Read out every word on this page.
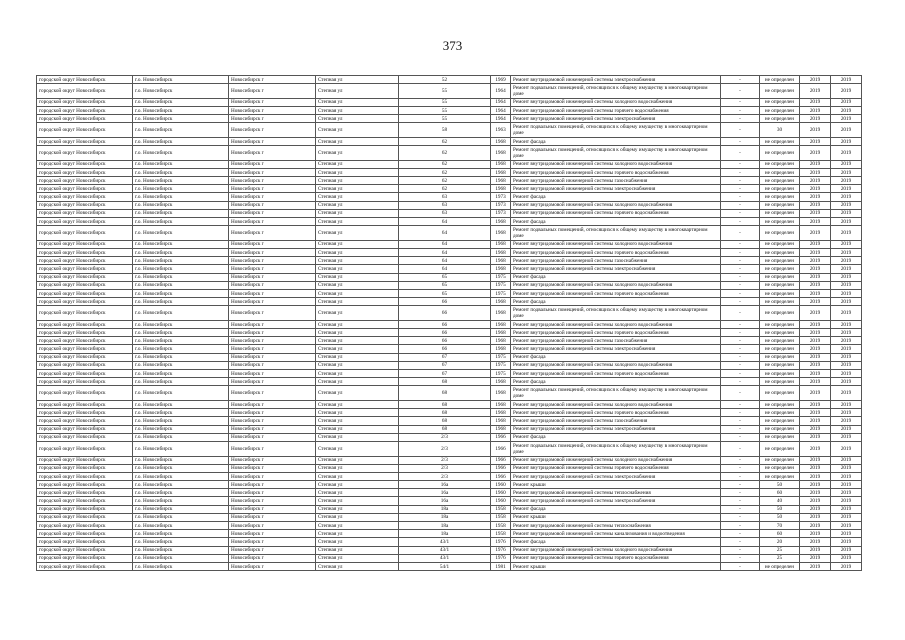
373
городской округ Новосибирск	г.о. Новосибирск	Новосибирск г	Степная ул	52	1969	Ремонт внутридомовой инженерной системы электроснабжения	-	не определен	2019	2019
городской округ Новосибирск	г.о. Новосибирск	Новосибирск г	Степная ул	55	1964	Ремонт подвальных помещений, относящихся к общему имуществу в многоквартирном доме	-	не определен	2019	2019
городской округ Новосибирск	г.о. Новосибирск	Новосибирск г	Степная ул	55	1964	Ремонт внутридомовой инженерной системы холодного водоснабжения	-	не определен	2019	2019
городской округ Новосибирск	г.о. Новосибирск	Новосибирск г	Степная ул	55	1964	Ремонт внутридомовой инженерной системы горячего водоснабжения	-	не определен	2019	2019
городской округ Новосибирск	г.о. Новосибирск	Новосибирск г	Степная ул	55	1964	Ремонт внутридомовой инженерной системы электроснабжения	-	не определен	2019	2019
городской округ Новосибирск	г.о. Новосибирск	Новосибирск г	Степная ул	58	1963	Ремонт подвальных помещений, относящихся к общему имуществу в многоквартирном доме	-	30	2019	2019
городской округ Новосибирск	г.о. Новосибирск	Новосибирск г	Степная ул	62	1968	Ремонт фасада	-	не определен	2019	2019
городской округ Новосибирск	г.о. Новосибирск	Новосибирск г	Степная ул	62	1968	Ремонт подвальных помещений, относящихся к общему имуществу в многоквартирном доме	-	не определен	2019	2019
городской округ Новосибирск	г.о. Новосибирск	Новосибирск г	Степная ул	62	1968	Ремонт внутридомовой инженерной системы холодного водоснабжения	-	не определен	2019	2019
городской округ Новосибирск	г.о. Новосибирск	Новосибирск г	Степная ул	62	1968	Ремонт внутридомовой инженерной системы горячего водоснабжения	-	не определен	2019	2019
городской округ Новосибирск	г.о. Новосибирск	Новосибирск г	Степная ул	62	1968	Ремонт внутридомовой инженерной системы газоснабжения	-	не определен	2019	2019
городской округ Новосибирск	г.о. Новосибирск	Новосибирск г	Степная ул	62	1968	Ремонт внутридомовой инженерной системы электроснабжения	-	не определен	2019	2019
городской округ Новосибирск	г.о. Новосибирск	Новосибирск г	Степная ул	63	1973	Ремонт фасада	-	не определен	2019	2019
городской округ Новосибирск	г.о. Новосибирск	Новосибирск г	Степная ул	63	1973	Ремонт внутридомовой инженерной системы холодного водоснабжения	-	не определен	2019	2019
городской округ Новосибирск	г.о. Новосибирск	Новосибирск г	Степная ул	63	1973	Ремонт внутридомовой инженерной системы горячего водоснабжения	-	не определен	2019	2019
городской округ Новосибирск	г.о. Новосибирск	Новосибирск г	Степная ул	64	1968	Ремонт фасада	-	не определен	2019	2019
городской округ Новосибирск	г.о. Новосибирск	Новосибирск г	Степная ул	64	1968	Ремонт подвальных помещений, относящихся к общему имуществу в многоквартирном доме	-	не определен	2019	2019
городской округ Новосибирск	г.о. Новосибирск	Новосибирск г	Степная ул	64	1968	Ремонт внутридомовой инженерной системы холодного водоснабжения	-	не определен	2019	2019
городской округ Новосибирск	г.о. Новосибирск	Новосибирск г	Степная ул	64	1968	Ремонт внутридомовой инженерной системы горячего водоснабжения	-	не определен	2019	2019
городской округ Новосибирск	г.о. Новосибирск	Новосибирск г	Степная ул	64	1968	Ремонт внутридомовой инженерной системы газоснабжения	-	не определен	2019	2019
городской округ Новосибирск	г.о. Новосибирск	Новосибирск г	Степная ул	64	1968	Ремонт внутридомовой инженерной системы электроснабжения	-	не определен	2019	2019
городской округ Новосибирск	г.о. Новосибирск	Новосибирск г	Степная ул	65	1975	Ремонт фасада	-	не определен	2019	2019
городской округ Новосибирск	г.о. Новосибирск	Новосибирск г	Степная ул	65	1975	Ремонт внутридомовой инженерной системы холодного водоснабжения	-	не определен	2019	2019
городской округ Новосибирск	г.о. Новосибирск	Новосибирск г	Степная ул	65	1975	Ремонт внутридомовой инженерной системы горячего водоснабжения	-	не определен	2019	2019
городской округ Новосибирск	г.о. Новосибирск	Новосибирск г	Степная ул	66	1968	Ремонт фасада	-	не определен	2019	2019
городской округ Новосибирск	г.о. Новосибирск	Новосибирск г	Степная ул	66	1968	Ремонт подвальных помещений, относящихся к общему имуществу в многоквартирном доме	-	не определен	2019	2019
городской округ Новосибирск	г.о. Новосибирск	Новосибирск г	Степная ул	66	1968	Ремонт внутридомовой инженерной системы холодного водоснабжения	-	не определен	2019	2019
городской округ Новосибирск	г.о. Новосибирск	Новосибирск г	Степная ул	66	1968	Ремонт внутридомовой инженерной системы горячего водоснабжения	-	не определен	2019	2019
городской округ Новосибирск	г.о. Новосибирск	Новосибирск г	Степная ул	66	1968	Ремонт внутридомовой инженерной системы газоснабжения	-	не определен	2019	2019
городской округ Новосибирск	г.о. Новосибирск	Новосибирск г	Степная ул	66	1968	Ремонт внутридомовой инженерной системы электроснабжения	-	не определен	2019	2019
городской округ Новосибирск	г.о. Новосибирск	Новосибирск г	Степная ул	67	1975	Ремонт фасада	-	не определен	2019	2019
городской округ Новосибирск	г.о. Новосибирск	Новосибирск г	Степная ул	67	1975	Ремонт внутридомовой инженерной системы холодного водоснабжения	-	не определен	2019	2019
городской округ Новосибирск	г.о. Новосибирск	Новосибирск г	Степная ул	67	1975	Ремонт внутридомовой инженерной системы горячего водоснабжения	-	не определен	2019	2019
городской округ Новосибирск	г.о. Новосибирск	Новосибирск г	Степная ул	68	1968	Ремонт фасада	-	не определен	2019	2019
городской округ Новосибирск	г.о. Новосибирск	Новосибирск г	Степная ул	68	1968	Ремонт подвальных помещений, относящихся к общему имуществу в многоквартирном доме	-	не определен	2019	2019
городской округ Новосибирск	г.о. Новосибирск	Новосибирск г	Степная ул	68	1968	Ремонт внутридомовой инженерной системы холодного водоснабжения	-	не определен	2019	2019
городской округ Новосибирск	г.о. Новосибирск	Новосибирск г	Степная ул	68	1968	Ремонт внутридомовой инженерной системы горячего водоснабжения	-	не определен	2019	2019
городской округ Новосибирск	г.о. Новосибирск	Новосибирск г	Степная ул	68	1968	Ремонт внутридомовой инженерной системы газоснабжения	-	не определен	2019	2019
городской округ Новосибирск	г.о. Новосибирск	Новосибирск г	Степная ул	68	1968	Ремонт внутридомовой инженерной системы электроснабжения	-	не определен	2019	2019
городской округ Новосибирск	г.о. Новосибирск	Новосибирск г	Степная ул	2/3	1966	Ремонт фасада	-	не определен	2019	2019
городской округ Новосибирск	г.о. Новосибирск	Новосибирск г	Степная ул	2/3	1966	Ремонт подвальных помещений, относящихся к общему имуществу в многоквартирном доме	-	не определен	2019	2019
городской округ Новосибирск	г.о. Новосибирск	Новосибирск г	Степная ул	2/3	1966	Ремонт внутридомовой инженерной системы холодного водоснабжения	-	не определен	2019	2019
городской округ Новосибирск	г.о. Новосибирск	Новосибирск г	Степная ул	2/3	1966	Ремонт внутридомовой инженерной системы горячего водоснабжения	-	не определен	2019	2019
городской округ Новосибирск	г.о. Новосибирск	Новосибирск г	Степная ул	2/3	1966	Ремонт внутридомовой инженерной системы электроснабжения	-	не определен	2019	2019
городской округ Новосибирск	г.о. Новосибирск	Новосибирск г	Степная ул	16а	1960	Ремонт крыши	-	50	2019	2019
городской округ Новосибирск	г.о. Новосибирск	Новосибирск г	Степная ул	16а	1960	Ремонт внутридомовой инженерной системы теплоснабжения	-	60	2019	2019
городской округ Новосибирск	г.о. Новосибирск	Новосибирск г	Степная ул	16а	1960	Ремонт внутридомовой инженерной системы электроснабжения	-	40	2019	2019
городской округ Новосибирск	г.о. Новосибирск	Новосибирск г	Степная ул	18а	1958	Ремонт фасада	-	50	2019	2019
городской округ Новосибирск	г.о. Новосибирск	Новосибирск г	Степная ул	18а	1958	Ремонт крыши	-	50	2019	2019
городской округ Новосибирск	г.о. Новосибирск	Новосибирск г	Степная ул	18а	1958	Ремонт внутридомовой инженерной системы теплоснабжения	-	70	2019	2019
городской округ Новосибирск	г.о. Новосибирск	Новосибирск г	Степная ул	18а	1958	Ремонт внутридомовой инженерной системы канализования и водоотведения	-	60	2019	2019
городской округ Новосибирск	г.о. Новосибирск	Новосибирск г	Степная ул	43/1	1976	Ремонт фасада	-	20	2019	2019
городской округ Новосибирск	г.о. Новосибирск	Новосибирск г	Степная ул	43/1	1976	Ремонт внутридомовой инженерной системы холодного водоснабжения	-	25	2019	2019
городской округ Новосибирск	г.о. Новосибирск	Новосибирск г	Степная ул	43/1	1976	Ремонт внутридомовой инженерной системы горячего водоснабжения	-	25	2019	2019
городской округ Новосибирск	г.о. Новосибирск	Новосибирск г	Степная ул	54/1	1981	Ремонт крыши	-	не определен	2019	2019
